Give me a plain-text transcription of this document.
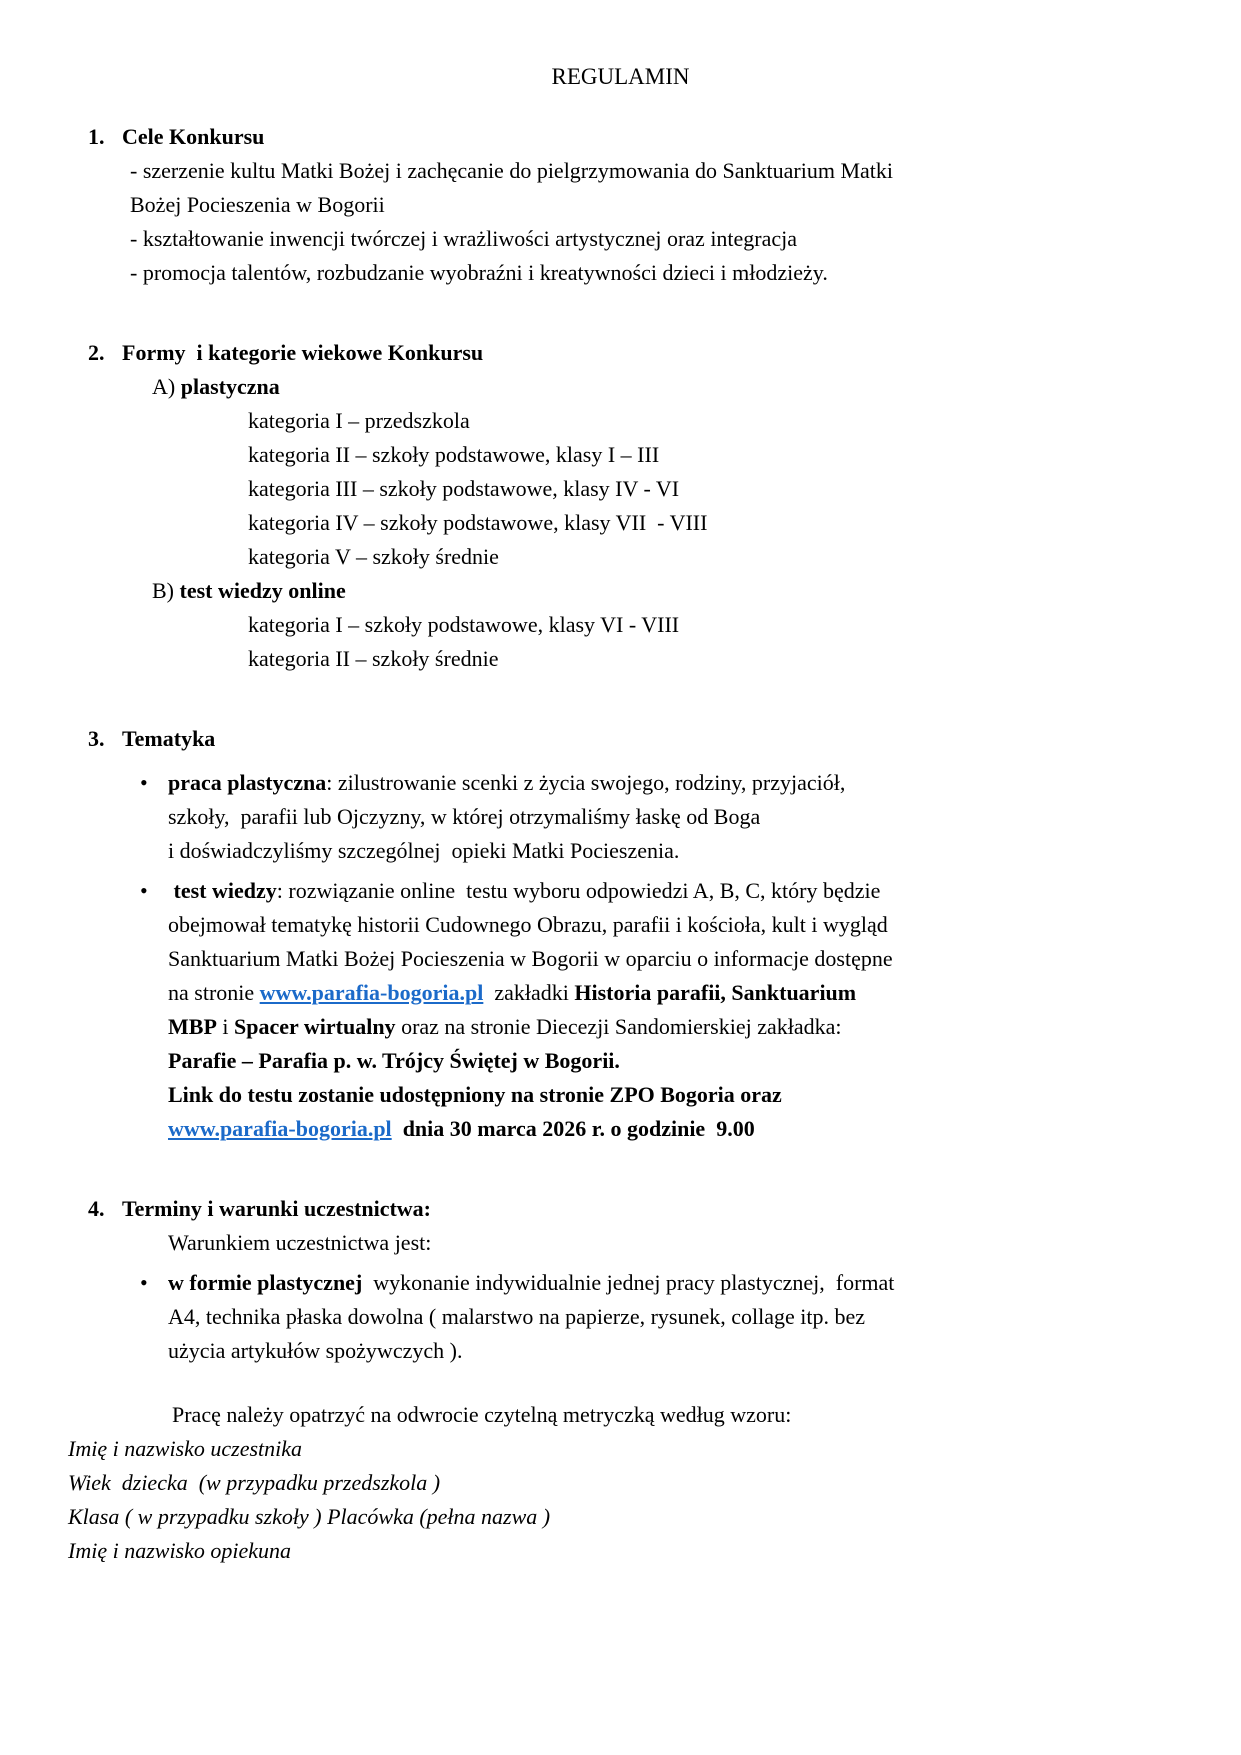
REGULAMIN
1. Cele Konkursu
- szerzenie kultu Matki Bożej i zachęcanie do pielgrzymowania do Sanktuarium Matki
Bożej Pocieszenia w Bogorii
- kształtowanie inwencji twórczej i wrażliwości artystycznej oraz integracja
- promocja talentów, rozbudzanie wyobraźni i kreatywności dzieci i młodzieży.
2. Formy  i kategorie wiekowe Konkursu
A) plastyczna
kategoria I – przedszkola
kategoria II – szkoły podstawowe, klasy I – III
kategoria III – szkoły podstawowe, klasy IV - VI
kategoria IV – szkoły podstawowe, klasy VII  - VIII
kategoria V – szkoły średnie
B) test wiedzy online
kategoria I – szkoły podstawowe, klasy VI - VIII
kategoria II – szkoły średnie
3. Tematyka
• praca plastyczna: zilustrowanie scenki z życia swojego, rodziny, przyjaciół,
szkoły,  parafii lub Ojczyzny, w której otrzymaliśmy łaskę od Boga
i doświadczyliśmy szczególnej  opieki Matki Pocieszenia.
• test wiedzy: rozwiązanie online  testu wyboru odpowiedzi A, B, C, który będzie
obejmował tematykę historii Cudownego Obrazu, parafii i kościoła, kult i wygląd
Sanktuarium Matki Bożej Pocieszenia w Bogorii w oparciu o informacje dostępne
na stronie www.parafia-bogoria.pl  zakładki Historia parafii, Sanktuarium
MBP i Spacer wirtualny oraz na stronie Diecezji Sandomierskiej zakładka:
Parafie – Parafia p. w. Trójcy Świętej w Bogorii.
Link do testu zostanie udostępniony na stronie ZPO Bogoria oraz
www.parafia-bogoria.pl  dnia 30 marca 2026 r. o godzinie  9.00
4. Terminy i warunki uczestnictwa:
Warunkiem uczestnictwa jest:
• w formie plastycznej  wykonanie indywidualnie jednej pracy plastycznej,  format
A4, technika płaska dowolna ( malarstwo na papierze, rysunek, collage itp. bez
użycia artykułów spożywczych ).
Pracę należy opatrzyć na odwrocie czytelną metryczką według wzoru:
Imię i nazwisko uczestnika
Wiek  dziecka  (w przypadku przedszkola )
Klasa ( w przypadku szkoły ) Placówka (pełna nazwa )
Imię i nazwisko opiekuna
